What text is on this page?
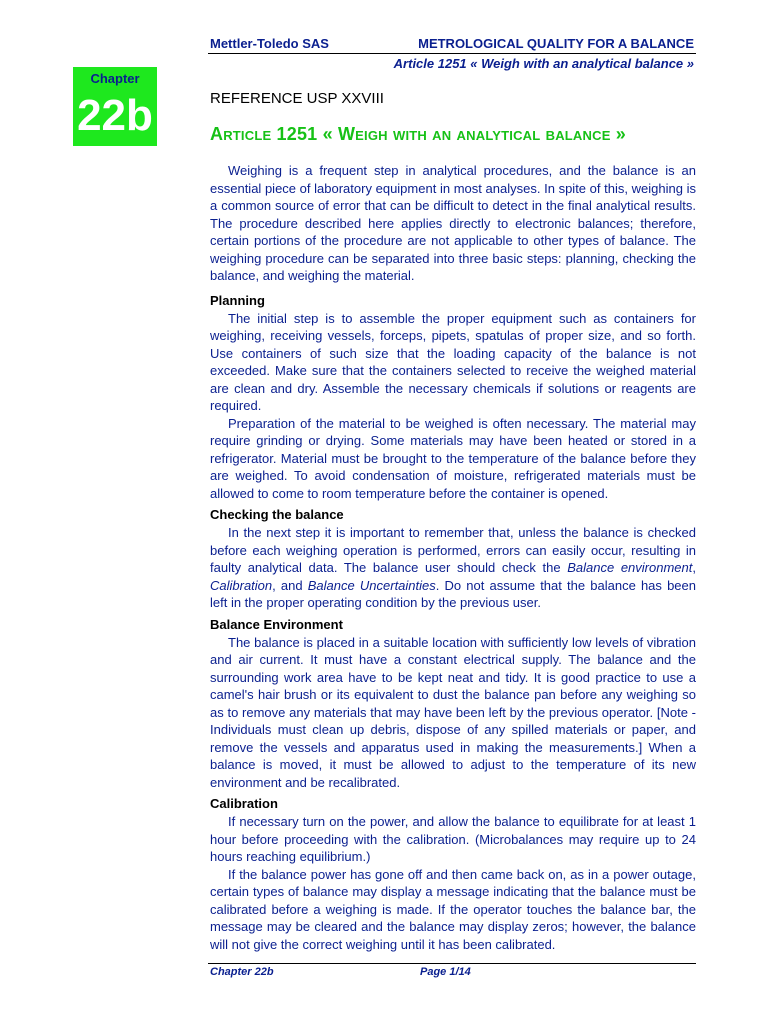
Mettler-Toledo SAS	METROLOGICAL QUALITY FOR A BALANCE
Article 1251 « Weigh with an analytical balance »
Chapter
22b	REFERENCE USP XXVIII
Article 1251 « Weigh with an analytical balance »

Weighing is a frequent step in analytical procedures, and the balance is an essential piece of laboratory equipment in most analyses. In spite of this, weighing is a common source of error that can be difficult to detect in the final analytical results. The procedure described here applies directly to electronic balances; therefore, certain portions of the procedure are not applicable to other types of balance. The weighing procedure can be separated into three basic steps: planning, checking the balance, and weighing the material.

Planning

The initial step is to assemble the proper equipment such as containers for weighing, receiving vessels, forceps, pipets, spatulas of proper size, and so forth. Use containers of such size that the loading capacity of the balance is not exceeded. Make sure that the containers selected to receive the weighed material are clean and dry. Assemble the necessary chemicals if solutions or reagents are required.

Preparation of the material to be weighed is often necessary. The material may require grinding or drying. Some materials may have been heated or stored in a refrigerator. Material must be brought to the temperature of the balance before they are weighed. To avoid condensation of moisture, refrigerated materials must be allowed to come to room temperature before the container is opened.

Checking the balance

In the next step it is important to remember that, unless the balance is checked before each weighing operation is performed, errors can easily occur, resulting in faulty analytical data. The balance user should check the Balance environment, Calibration, and Balance Uncertainties. Do not assume that the balance has been left in the proper operating condition by the previous user.

Balance Environment

The balance is placed in a suitable location with sufficiently low levels of vibration and air current. It must have a constant electrical supply. The balance and the surrounding work area have to be kept neat and tidy. It is good practice to use a camel's hair brush or its equivalent to dust the balance pan before any weighing so as to remove any materials that may have been left by the previous operator. [Note - Individuals must clean up debris, dispose of any spilled materials or paper, and remove the vessels and apparatus used in making the measurements.] When a balance is moved, it must be allowed to adjust to the temperature of its new environment and be recalibrated.

Calibration

If necessary turn on the power, and allow the balance to equilibrate for at least 1 hour before proceeding with the calibration. (Microbalances may require up to 24 hours reaching equilibrium.)

If the balance power has gone off and then came back on, as in a power outage, certain types of balance may display a message indicating that the balance must be calibrated before a weighing is made. If the operator touches the balance bar, the message may be cleared and the balance may display zeros; however, the balance will not give the correct weighing until it has been calibrated.

Chapter 22b	Page 1/14
